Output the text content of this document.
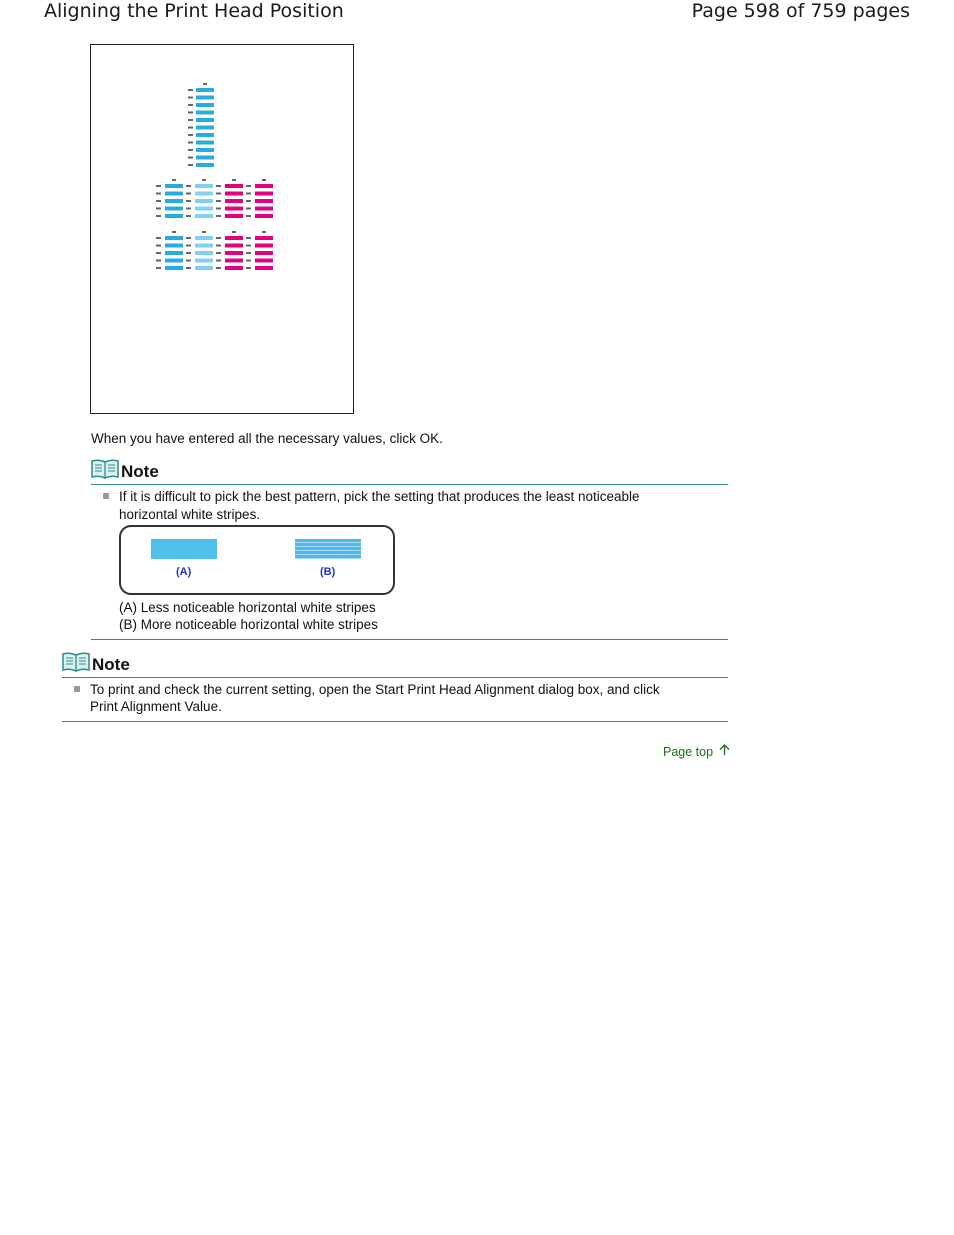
Aligning the Print Head Position	Page 598 of 759 pages
When you have entered all the necessary values, click OK.
Note
If it is difficult to pick the best pattern, pick the setting that produces the least noticeable
horizontal white stripes.
(A)	(B)
(A) Less noticeable horizontal white stripes
(B) More noticeable horizontal white stripes
Note
To print and check the current setting, open the Start Print Head Alignment dialog box, and click
Print Alignment Value.
Page top
